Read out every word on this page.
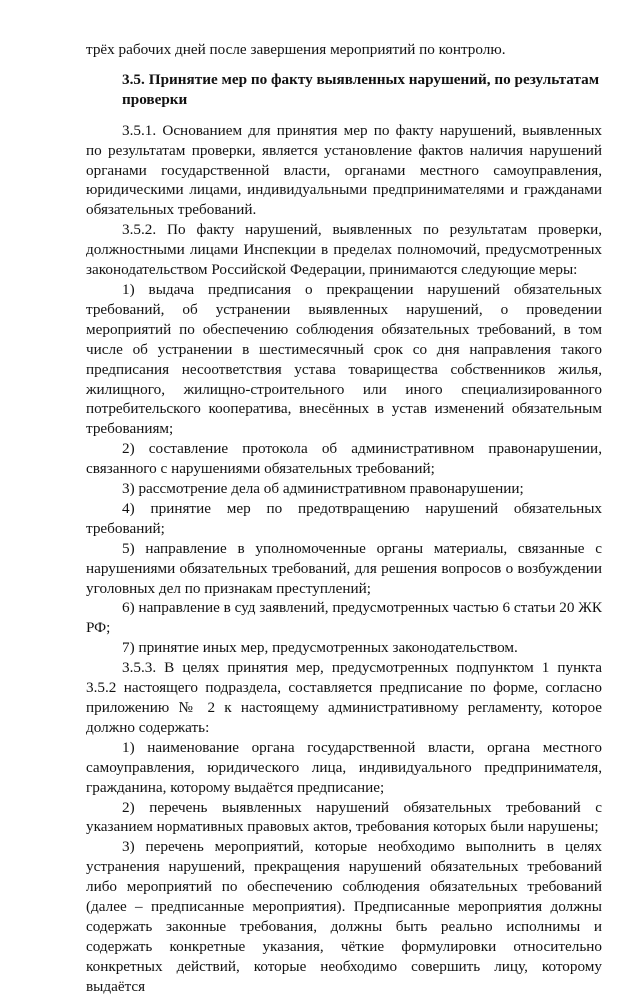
трёх рабочих дней после завершения мероприятий по контролю.

3.5. Принятие мер по факту выявленных нарушений, по результатам проверки

3.5.1. Основанием для принятия мер по факту нарушений, выявленных по результатам проверки, является установление фактов наличия нарушений органами государственной власти, органами местного самоуправления, юридическими лицами, индивидуальными предпринимателями и гражданами обязательных требований.

3.5.2. По факту нарушений, выявленных по результатам проверки, должностными лицами Инспекции в пределах полномочий, предусмотренных законодательством Российской Федерации, принимаются следующие меры:

1) выдача предписания о прекращении нарушений обязательных требований, об устранении выявленных нарушений, о проведении мероприятий по обеспечению соблюдения обязательных требований, в том числе об устранении в шестимесячный срок со дня направления такого предписания несоответствия устава товарищества собственников жилья, жилищного, жилищно-строительного или иного специализированного потребительского кооператива, внесённых в устав изменений обязательным требованиям;

2) составление протокола об административном правонарушении, связанного с нарушениями обязательных требований;

3) рассмотрение дела об административном правонарушении;

4) принятие мер по предотвращению нарушений обязательных требований;

5) направление в уполномоченные органы материалы, связанные с нарушениями обязательных требований, для решения вопросов о возбуждении уголовных дел по признакам преступлений;

6) направление в суд заявлений, предусмотренных частью 6 статьи 20 ЖК РФ;

7) принятие иных мер, предусмотренных законодательством.

3.5.3. В целях принятия мер, предусмотренных подпунктом 1 пункта 3.5.2 настоящего подраздела, составляется предписание по форме, согласно приложению № 2 к настоящему административному регламенту, которое должно содержать:

1) наименование органа государственной власти, органа местного самоуправления, юридического лица, индивидуального предпринимателя, гражданина, которому выдаётся предписание;

2) перечень выявленных нарушений обязательных требований с указанием нормативных правовых актов, требования которых были нарушены;

3) перечень мероприятий, которые необходимо выполнить в целях устранения нарушений, прекращения нарушений обязательных требований либо мероприятий по обеспечению соблюдения обязательных требований (далее – предписанные мероприятия). Предписанные мероприятия должны содержать законные требования, должны быть реально исполнимы и содержать конкретные указания, чёткие формулировки относительно конкретных действий, которые необходимо совершить лицу, которому выдаётся
